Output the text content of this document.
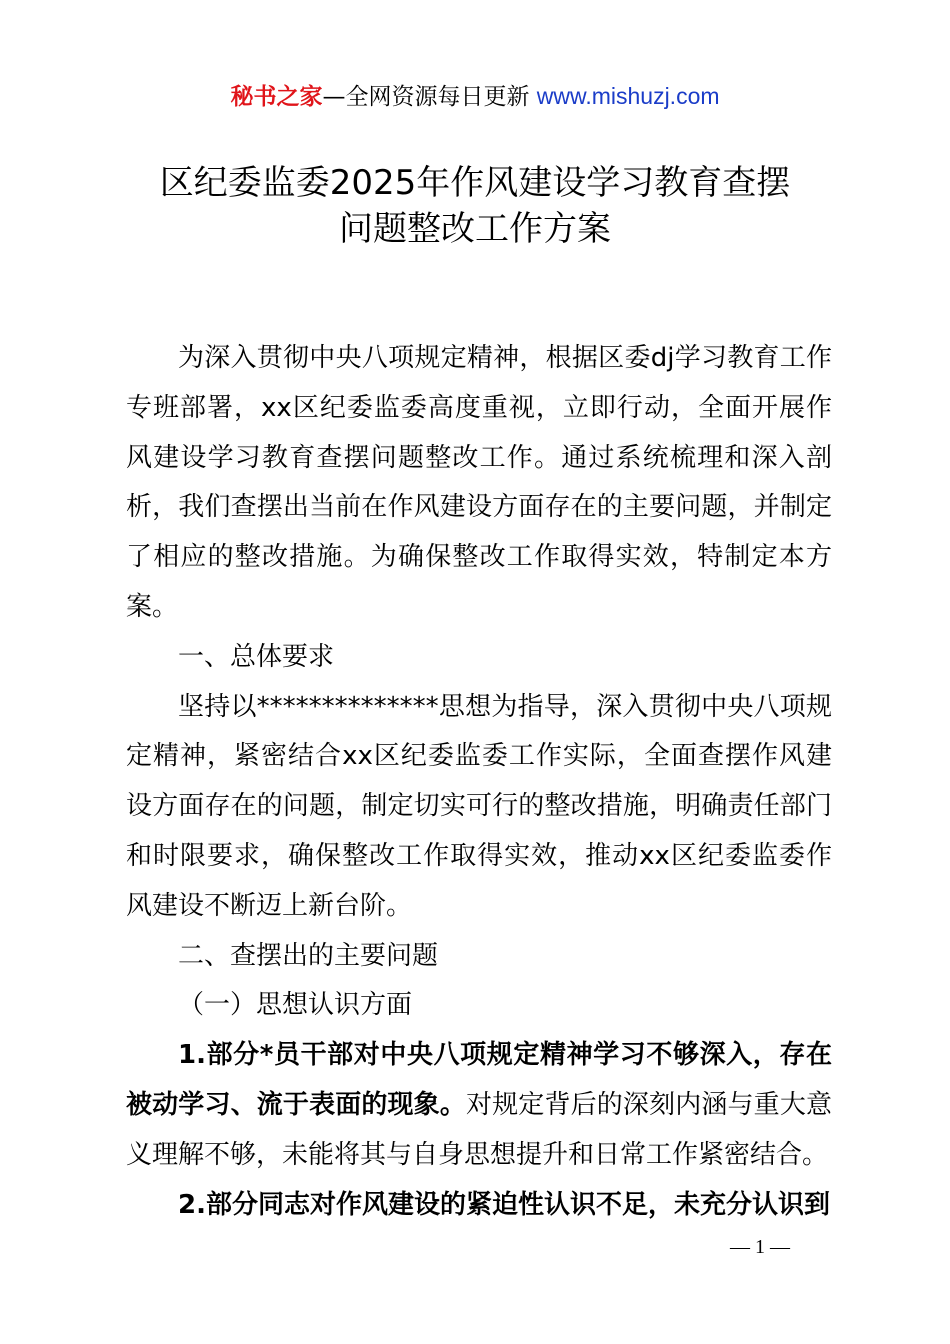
秘书之家—全网资源每日更新 www.mishuzj.com
区纪委监委2025年作风建设学习教育查摆
问题整改工作方案

为深入贯彻中央八项规定精神，根据区委dj学习教育工作专班部署，xx区纪委监委高度重视，立即行动，全面开展作风建设学习教育查摆问题整改工作。通过系统梳理和深入剖析，我们查摆出当前在作风建设方面存在的主要问题，并制定了相应的整改措施。为确保整改工作取得实效，特制定本方案。

一、总体要求

坚持以**************思想为指导，深入贯彻中央八项规定精神，紧密结合xx区纪委监委工作实际，全面查摆作风建设方面存在的问题，制定切实可行的整改措施，明确责任部门和时限要求，确保整改工作取得实效，推动xx区纪委监委作风建设不断迈上新台阶。

二、查摆出的主要问题

（一）思想认识方面

1.部分*员干部对中央八项规定精神学习不够深入，存在被动学习、流于表面的现象。对规定背后的深刻内涵与重大意义理解不够，未能将其与自身思想提升和日常工作紧密结合。

2.部分同志对作风建设的紧迫性认识不足，未充分认识到

— 1 —
